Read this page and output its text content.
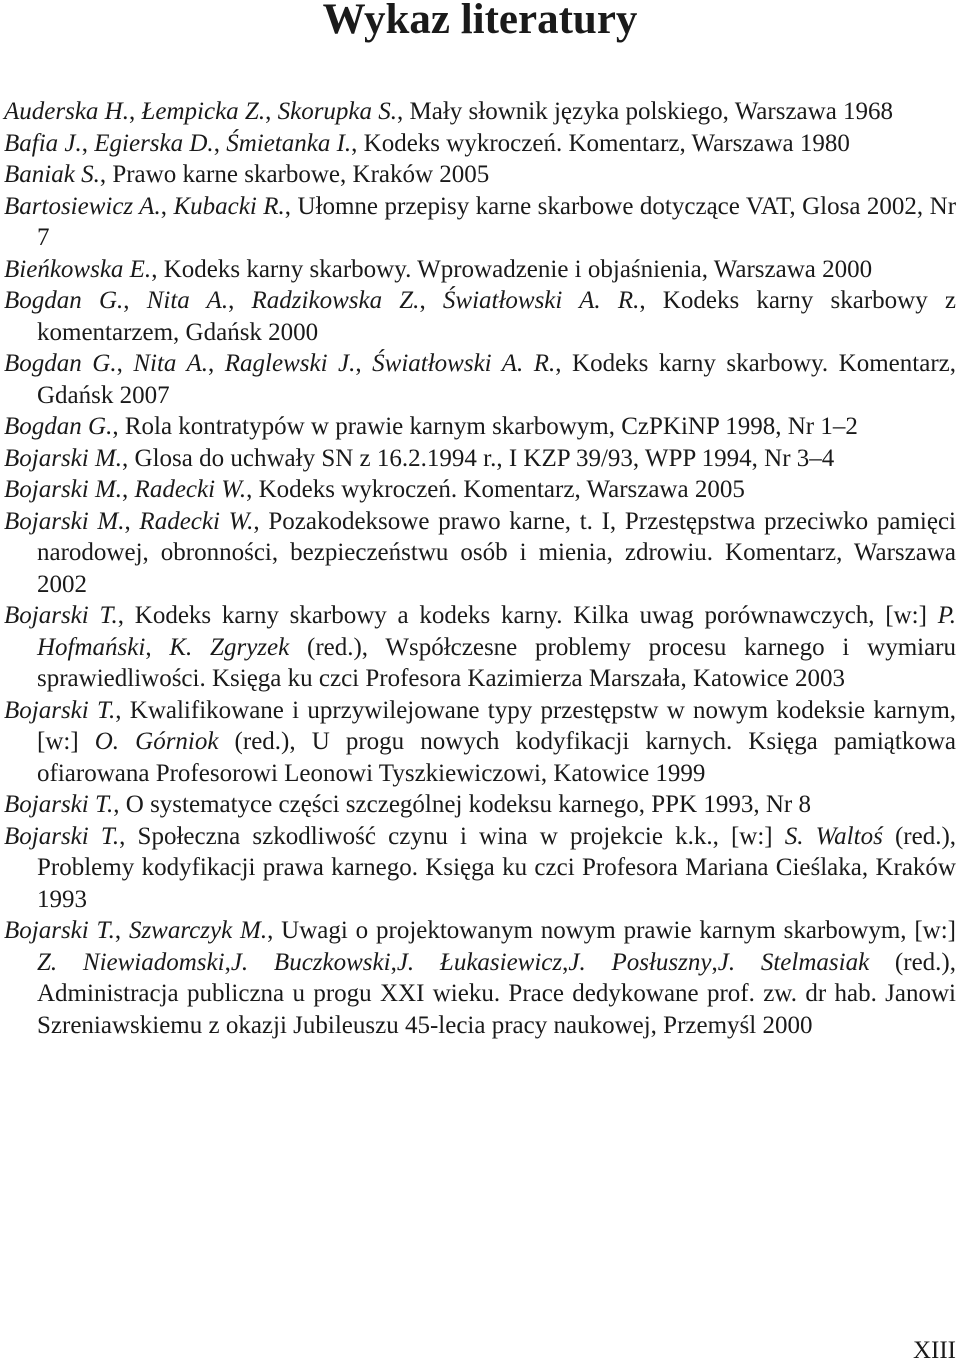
Wykaz literatury
Auderska H., Łempicka Z., Skorupka S., Mały słownik języka polskiego, Warszawa 1968
Bafia J., Egierska D., Śmietanka I., Kodeks wykroczeń. Komentarz, Warszawa 1980
Baniak S., Prawo karne skarbowe, Kraków 2005
Bartosiewicz A., Kubacki R., Ułomne przepisy karne skarbowe dotyczące VAT, Glosa 2002, Nr 7
Bieńkowska E., Kodeks karny skarbowy. Wprowadzenie i objaśnienia, Warszawa 2000
Bogdan G., Nita A., Radzikowska Z., Światłowski A. R., Kodeks karny skarbowy z komentarzem, Gdańsk 2000
Bogdan G., Nita A., Raglewski J., Światłowski A. R., Kodeks karny skarbowy. Komentarz, Gdańsk 2007
Bogdan G., Rola kontratypów w prawie karnym skarbowym, CzPKiNP 1998, Nr 1–2
Bojarski M., Glosa do uchwały SN z 16.2.1994 r., I KZP 39/93, WPP 1994, Nr 3–4
Bojarski M., Radecki W., Kodeks wykroczeń. Komentarz, Warszawa 2005
Bojarski M., Radecki W., Pozakodeksowe prawo karne, t. I, Przestępstwa przeciwko pamięci narodowej, obronności, bezpieczeństwu osób i mienia, zdrowiu. Komentarz, Warszawa 2002
Bojarski T., Kodeks karny skarbowy a kodeks karny. Kilka uwag porównawczych, [w:] P. Hofmański, K. Zgryzek (red.), Współczesne problemy procesu karnego i wymiaru sprawiedliwości. Księga ku czci Profesora Kazimierza Marszała, Katowice 2003
Bojarski T., Kwalifikowane i uprzywilejowane typy przestępstw w nowym kodeksie karnym, [w:] O. Górniok (red.), U progu nowych kodyfikacji karnych. Księga pamiątkowa ofiarowana Profesorowi Leonowi Tyszkiewiczowi, Katowice 1999
Bojarski T., O systematyce części szczególnej kodeksu karnego, PPK 1993, Nr 8
Bojarski T., Społeczna szkodliwość czynu i wina w projekcie k.k., [w:] S. Waltoś (red.), Problemy kodyfikacji prawa karnego. Księga ku czci Profesora Mariana Cieślaka, Kraków 1993
Bojarski T., Szwarczyk M., Uwagi o projektowanym nowym prawie karnym skarbowym, [w:] Z. Niewiadomski,J. Buczkowski,J. Łukasiewicz,J. Posłuszny,J. Stelmasiak (red.), Administracja publiczna u progu XXI wieku. Prace dedykowane prof. zw. dr hab. Janowi Szreniawskiemu z okazji Jubileuszu 45-lecia pracy naukowej, Przemyśl 2000
XIII
